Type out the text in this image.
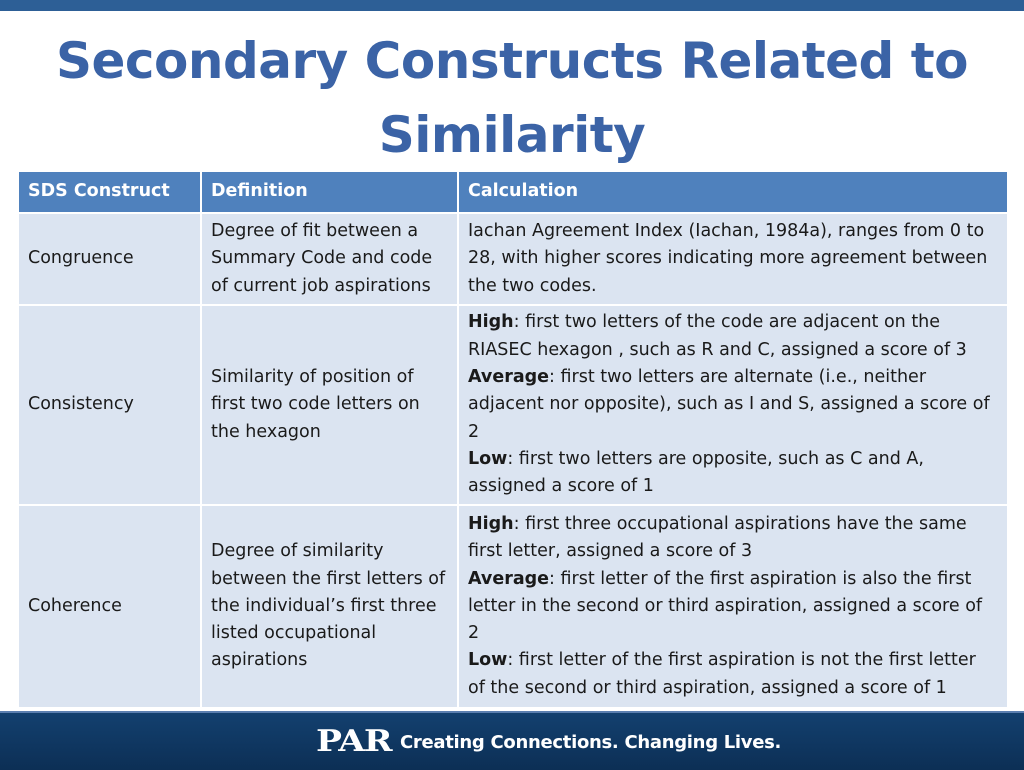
Secondary Constructs Related to
Similarity
SDS Construct	Definition	Calculation
Congruence	Degree of fit between a Summary Code and code of current job aspirations	Iachan Agreement Index (Iachan, 1984a), ranges from 0 to 28, with higher scores indicating more agreement between the two codes.

Consistency	Similarity of position of first two code letters on the hexagon	High: first two letters of the code are adjacent on the RIASEC hexagon , such as R and C, assigned a score of 3
Average: first two letters are alternate (i.e., neither adjacent nor opposite), such as I and S, assigned a score of 2
Low: first two letters are opposite, such as C and A, assigned a score of 1

Coherence	Degree of similarity between the first letters of the individual’s first three listed occupational aspirations	High: first three occupational aspirations have the same first letter, assigned a score of 3
Average: first letter of the first aspiration is also the first letter in the second or third aspiration, assigned a score of 2
Low: first letter of the first aspiration is not the first letter of the second or third aspiration, assigned a score of 1
PAR Creating Connections. Changing Lives.
